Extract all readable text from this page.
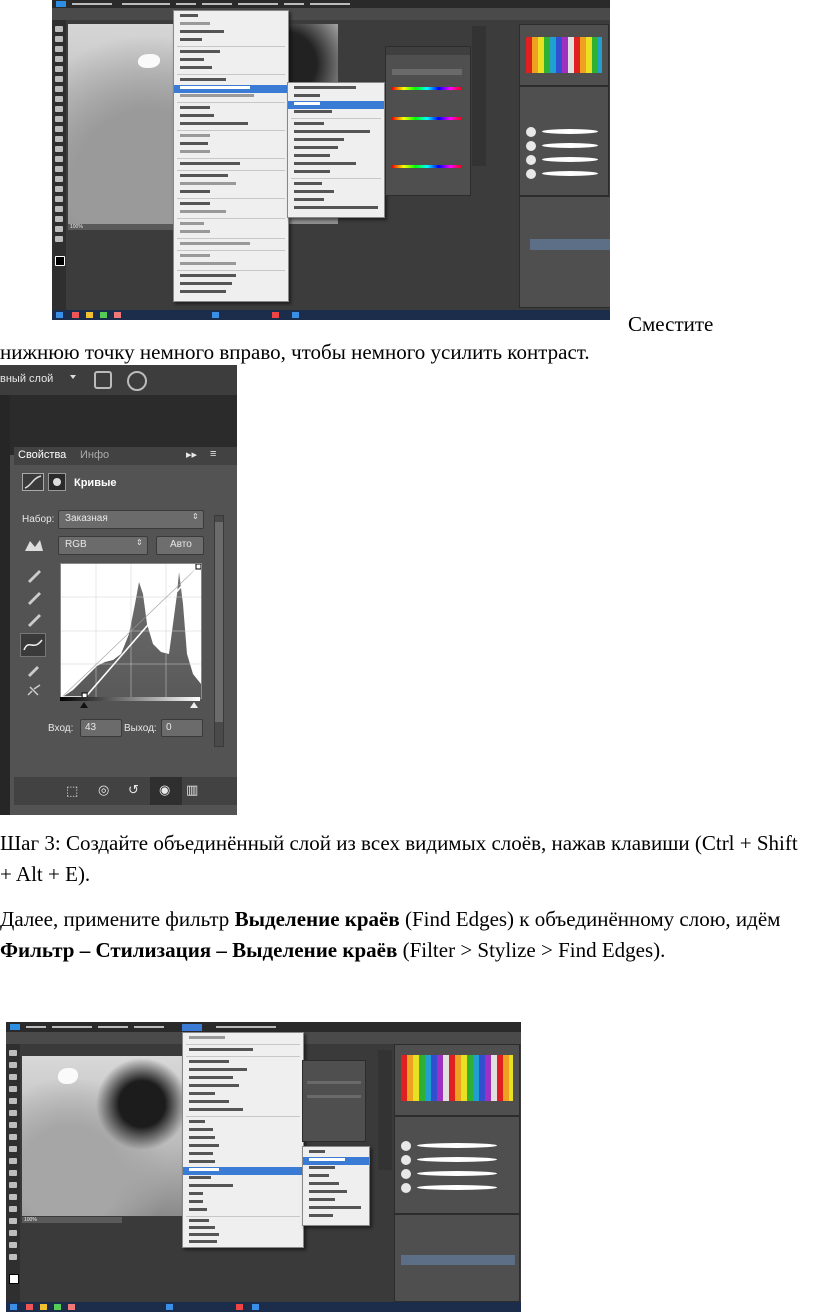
100%
Сместите
нижнюю точку немного вправо, чтобы немного усилить контраст.
вный слой
Свойства Инфо	▸▸ ≡
Кривые
Набор: Заказная	⇕
RGB	⇕	Авто
Вход: 43	Выход: 0
⬚ ◎ ↺ ◉ ▥
Шаг 3: Создайте объединённый слой из всех видимых слоёв, нажав клавиши (Ctrl + Shift + Alt + E).
Далее, примените фильтр Выделение краёв (Find Edges) к объединённому слою, идём Фильтр – Стилизация – Выделение краёв (Filter > Stylize > Find Edges).
100%
